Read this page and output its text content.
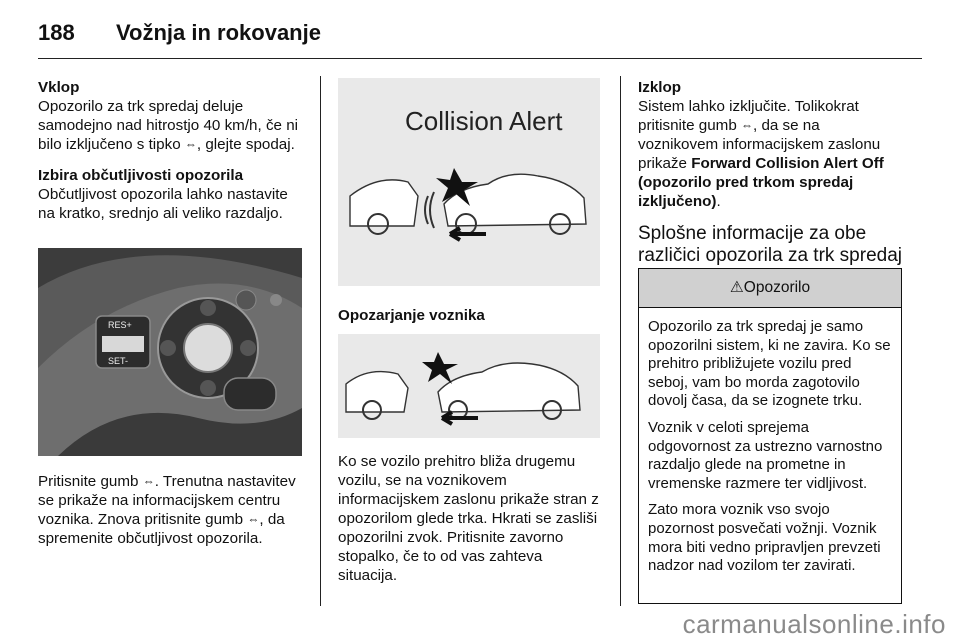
188 Vožnja in rokovanje
Vklop

Opozorilo za trk spredaj deluje samodejno nad hitrostjo 40 km/h, če ni bilo izključeno s tipko ⇔, glejte spodaj.

Izbira občutljivosti opozorila

Občutljivost opozorila lahko nastavite na kratko, srednjo ali veliko razdaljo.

RES+
SET-

Pritisnite gumb ⇔. Trenutna nastavitev se prikaže na informacijskem centru voznika. Znova pritisnite gumb ⇔, da spremenite občutljivost opozorila.

Collision Alert
Opozarjanje voznika

Ko se vozilo prehitro bliža drugemu vozilu, se na voznikovem informacijskem zaslonu prikaže stran z opozorilom glede trka. Hkrati se zasliši opozorilni zvok. Pritisnite zavorno stopalko, če to od vas zahteva situacija.

Izklop

Sistem lahko izključite. Tolikokrat pritisnite gumb ⇔, da se na voznikovem informacijskem zaslonu prikaže Forward Collision Alert Off (opozorilo pred trkom spredaj izključeno).

Splošne informacije za obe različici opozorila za trk spredaj
⚠Opozorilo

Opozorilo za trk spredaj je samo opozorilni sistem, ki ne zavira. Ko se prehitro približujete vozilu pred seboj, vam bo morda zagotovilo dovolj časa, da se izognete trku.

Voznik v celoti sprejema odgovornost za ustrezno varnostno razdaljo glede na prometne in vremenske razmere ter vidljivost.

Zato mora voznik vso svojo pozornost posvečati vožnji. Voznik mora biti vedno pripravljen prevzeti nadzor nad vozilom ter zavirati.

carmanualsonline.info
